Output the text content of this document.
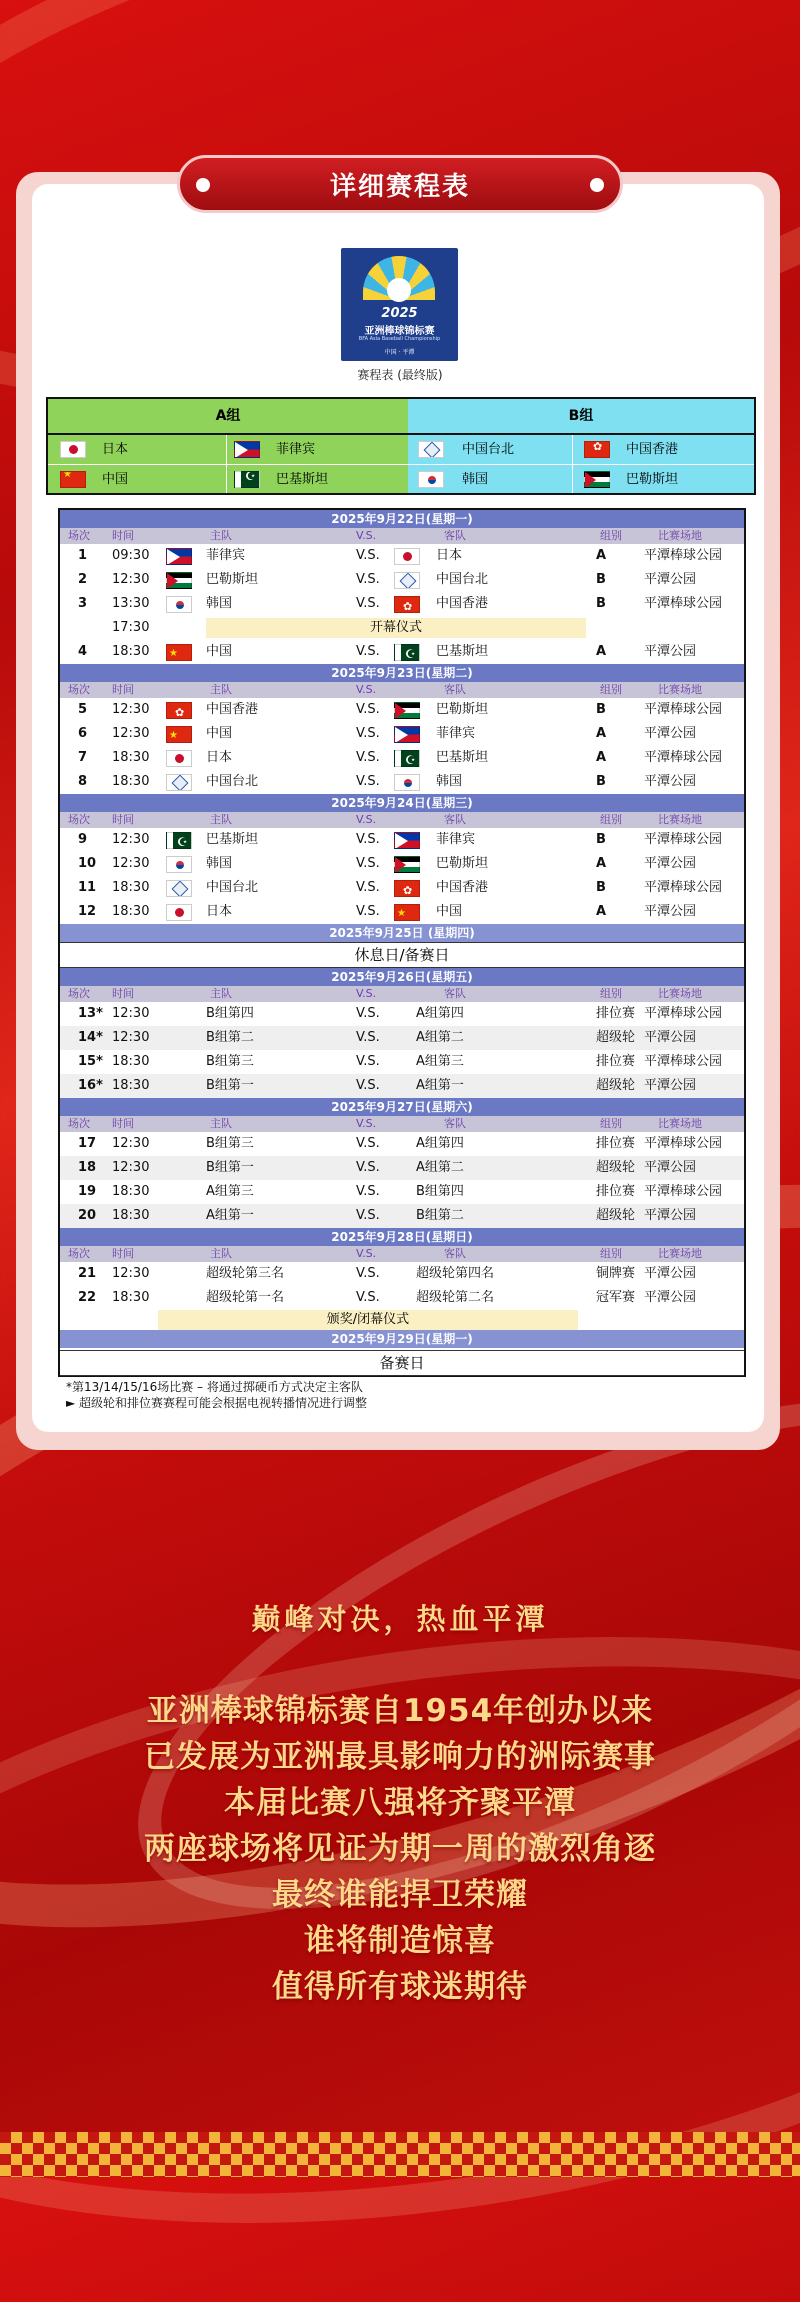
详细赛程表
2025
亚洲棒球锦标赛
BFA Asia Baseball Championship
中国 · 平潭
赛程表 (最终版)
A组
日本	菲律宾
★
中国 ☪	巴基斯坦
B组
中国台北 ✿	中国香港
韩国	巴勒斯坦
2025年9月22日(星期一)
场次 时间	主队	V.S.	客队	组别	比赛场地
1 09:30	菲律宾	V.S.	日本	A	平潭棒球公园
2 12:30	巴勒斯坦	V.S.	中国台北	B	平潭公园
3 13:30	韩国	V.S. ✿	中国香港	B	平潭棒球公园
17:30	开幕仪式
4 18:30 ★	中国	V.S. ☪	巴基斯坦	A	平潭公园
2025年9月23日(星期二)
场次 时间	主队	V.S.	客队	组别	比赛场地
5 12:30 ✿	中国香港	V.S.	巴勒斯坦	B	平潭棒球公园
6 12:30 ★	中国	V.S.	菲律宾	A	平潭公园
7 18:30	日本	V.S. ☪	巴基斯坦	A	平潭棒球公园
8 18:30	中国台北	V.S.	韩国	B	平潭公园
2025年9月24日(星期三)
场次 时间	主队	V.S.	客队	组别	比赛场地
9 12:30 ☪	巴基斯坦	V.S.	菲律宾	B	平潭棒球公园
10 12:30	韩国	V.S.	巴勒斯坦	A	平潭公园
11 18:30	中国台北	V.S. ✿	中国香港	B	平潭棒球公园
12 18:30	日本	V.S. ★	中国	A	平潭公园
2025年9月25日 (星期四)
休息日/备赛日
2025年9月26日(星期五)
场次 时间	主队	V.S.	客队	组别	比赛场地
13* 12:30	B组第四	V.S.	A组第四	排位赛 平潭棒球公园
14* 12:30	B组第二	V.S.	A组第二	超级轮 平潭公园
15* 18:30	B组第三	V.S.	A组第三	排位赛 平潭棒球公园
16* 18:30	B组第一	V.S.	A组第一	超级轮 平潭公园
2025年9月27日(星期六)
场次 时间	主队	V.S.	客队	组别	比赛场地
17 12:30	B组第三	V.S.	A组第四	排位赛 平潭棒球公园
18 12:30	B组第一	V.S.	A组第二	超级轮 平潭公园
19 18:30	A组第三	V.S.	B组第四	排位赛 平潭棒球公园
20 18:30	A组第一	V.S.	B组第二	超级轮 平潭公园
2025年9月28日(星期日)
场次 时间	主队	V.S.	客队	组别	比赛场地
21 12:30	超级轮第三名	V.S.	超级轮第四名	铜牌赛 平潭公园
22 18:30	超级轮第一名	V.S.	超级轮第二名	冠军赛 平潭公园
颁奖/闭幕仪式
2025年9月29日(星期一)
备赛日
*第13/14/15/16场比赛 – 将通过掷硬币方式决定主客队
► 超级轮和排位赛赛程可能会根据电视转播情况进行调整
巅峰对决，热血平潭
亚洲棒球锦标赛自1954年创办以来
已发展为亚洲最具影响力的洲际赛事
本届比赛八强将齐聚平潭
两座球场将见证为期一周的激烈角逐
最终谁能捍卫荣耀
谁将制造惊喜
值得所有球迷期待
